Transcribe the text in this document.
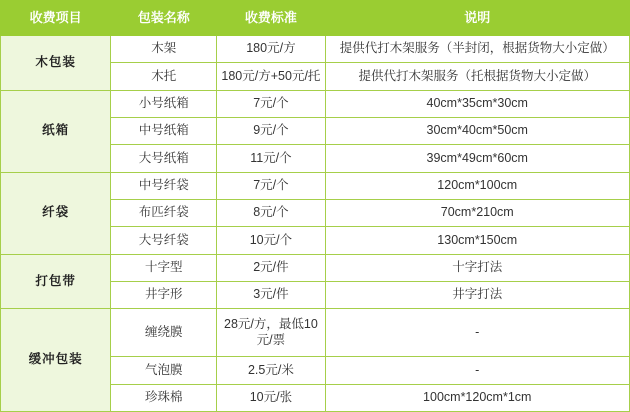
收费项目	包装名称	收费标准	说明
木包装	木架	180元/方	提供代打木架服务（半封闭，根据货物大小定做）
	木托	180元/方+50元/托	提供代打木架服务（托根据货物大小定做）
纸箱	小号纸箱	7元/个	40cm*35cm*30cm
	中号纸箱	9元/个	30cm*40cm*50cm
	大号纸箱	11元/个	39cm*49cm*60cm
纤袋	中号纤袋	7元/个	120cm*100cm
	布匹纤袋	8元/个	70cm*210cm
	大号纤袋	10元/个	130cm*150cm
打包带	十字型	2元/件	十字打法
	井字形	3元/件	井字打法
缓冲包装	缠绕膜	28元/方，最低10元/票	-
	气泡膜	2.5元/米	-
	珍珠棉	10元/张	100cm*120cm*1cm
